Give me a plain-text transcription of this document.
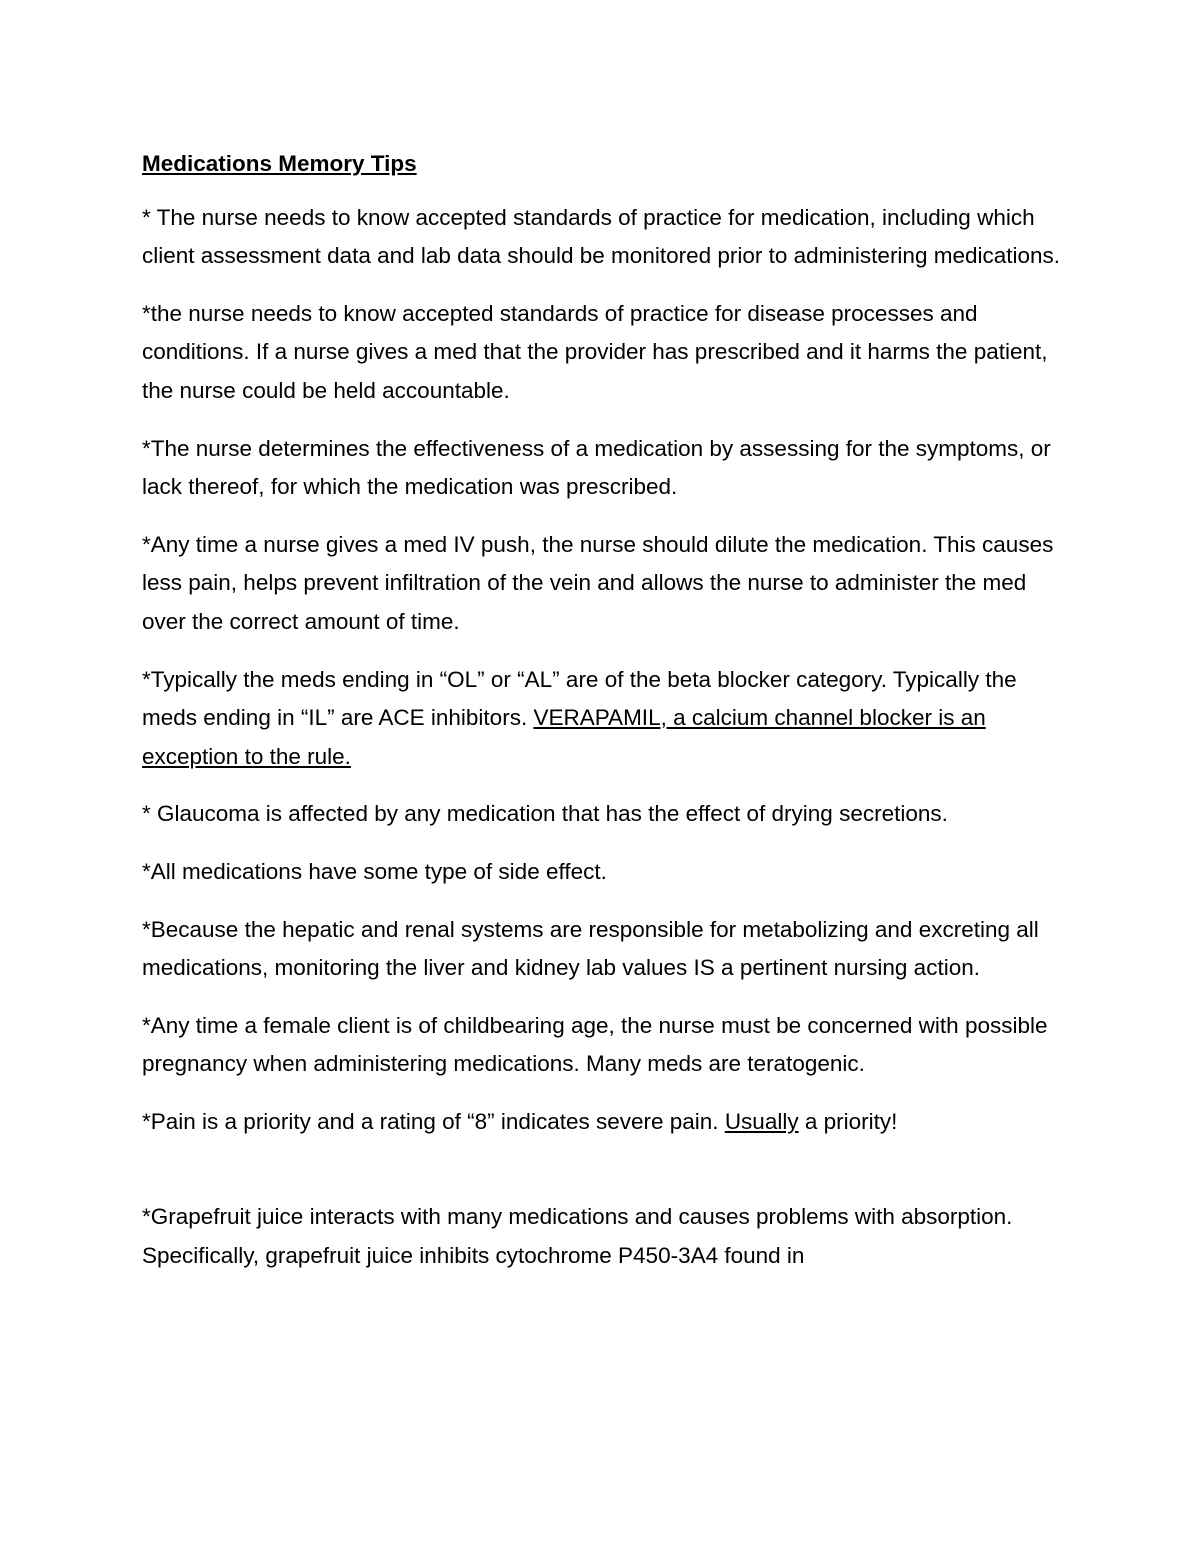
Medications Memory Tips

* The nurse needs to know accepted standards of practice for medication, including which client assessment data and lab data should be monitored prior to administering medications.

*the nurse needs to know accepted standards of practice for disease processes and conditions. If a nurse gives a med that the provider has prescribed and it harms the patient, the nurse could be held accountable.

*The nurse determines the effectiveness of a medication by assessing for the symptoms, or lack thereof, for which the medication was prescribed.

*Any time a nurse gives a med IV push, the nurse should dilute the medication. This causes less pain, helps prevent infiltration of the vein and allows the nurse to administer the med over the correct amount of time.

*Typically the meds ending in “OL” or “AL” are of the beta blocker category. Typically the meds ending in “IL” are ACE inhibitors. VERAPAMIL, a calcium channel blocker is an exception to the rule.

* Glaucoma is affected by any medication that has the effect of drying secretions.

*All medications have some type of side effect.

*Because the hepatic and renal systems are responsible for metabolizing and excreting all medications, monitoring the liver and kidney lab values IS a pertinent nursing action.

*Any time a female client is of childbearing age, the nurse must be concerned with possible pregnancy when administering medications. Many meds are teratogenic.

*Pain is a priority and a rating of “8” indicates severe pain. Usually a priority!

*Grapefruit juice interacts with many medications and causes problems with absorption. Specifically, grapefruit juice inhibits cytochrome P450-3A4 found in
